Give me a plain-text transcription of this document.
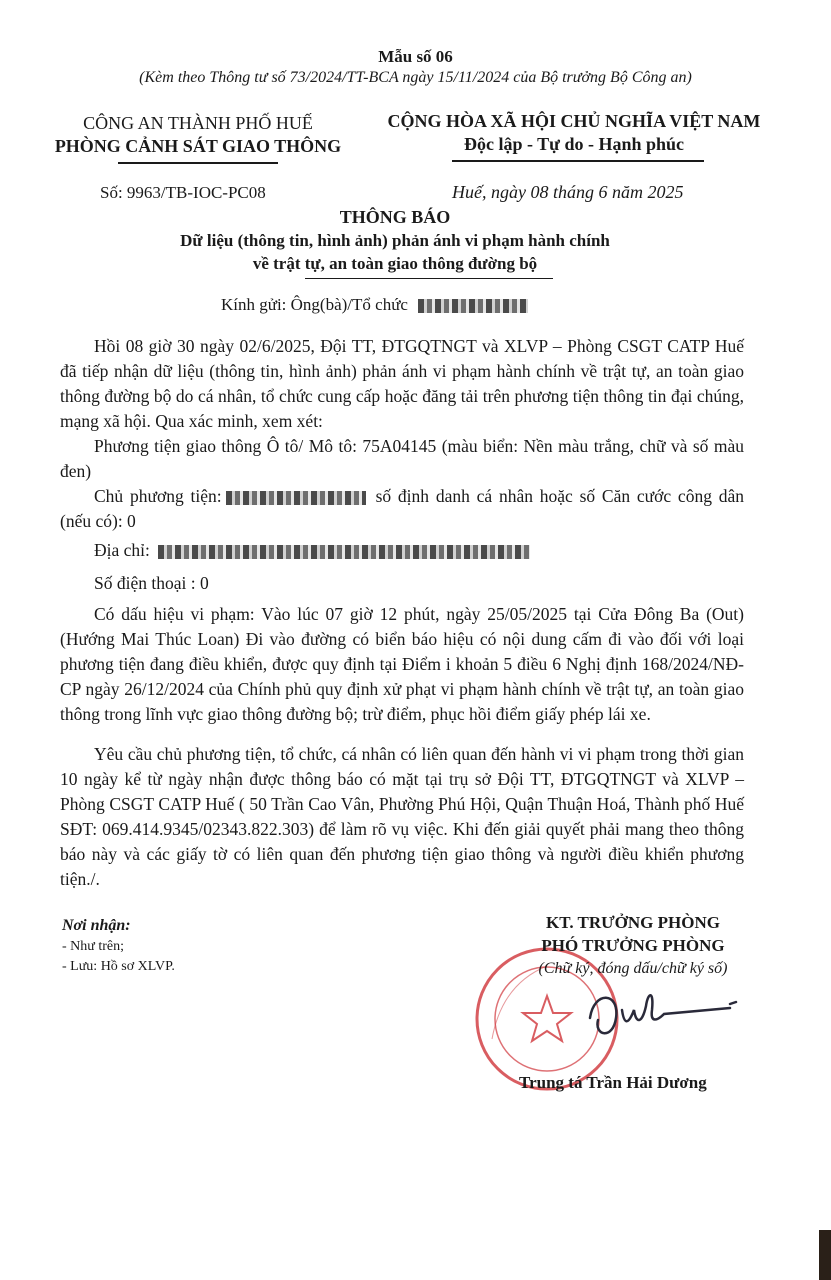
Mẫu số 06
(Kèm theo Thông tư số 73/2024/TT-BCA ngày 15/11/2024 của Bộ trưởng Bộ Công an)
CÔNG AN THÀNH PHỐ HUẾ
PHÒNG CẢNH SÁT GIAO THÔNG
CỘNG HÒA XÃ HỘI CHỦ NGHĨA VIỆT NAM
Độc lập - Tự do - Hạnh phúc
Số: 9963/TB-IOC-PC08	Huế, ngày 08 tháng 6 năm 2025
THÔNG BÁO
Dữ liệu (thông tin, hình ảnh) phản ánh vi phạm hành chính
về trật tự, an toàn giao thông đường bộ
Kính gửi: Ông(bà)/Tổ chức
Hồi 08 giờ 30 ngày 02/6/2025, Đội TT, ĐTGQTNGT và XLVP – Phòng CSGT CATP Huế đã tiếp nhận dữ liệu (thông tin, hình ảnh) phản ánh vi phạm hành chính về trật tự, an toàn giao thông đường bộ do cá nhân, tổ chức cung cấp hoặc đăng tải trên phương tiện thông tin đại chúng, mạng xã hội. Qua xác minh, xem xét:
Phương tiện giao thông Ô tô/ Mô tô: 75A04145 (màu biển: Nền màu trắng, chữ và số màu đen)
Chủ phương tiện:	số định danh cá nhân hoặc số Căn cước công dân (nếu có): 0
Địa chỉ:
Số điện thoại : 0
Có dấu hiệu vi phạm: Vào lúc 07 giờ 12 phút, ngày 25/05/2025 tại Cửa Đông Ba (Out) (Hướng Mai Thúc Loan) Đi vào đường có biển báo hiệu có nội dung cấm đi vào đối với loại phương tiện đang điều khiển, được quy định tại Điểm i khoản 5 điều 6 Nghị định 168/2024/NĐ-CP ngày 26/12/2024 của Chính phủ quy định xử phạt vi phạm hành chính về trật tự, an toàn giao thông trong lĩnh vực giao thông đường bộ; trừ điểm, phục hồi điểm giấy phép lái xe.
Yêu cầu chủ phương tiện, tổ chức, cá nhân có liên quan đến hành vi vi phạm trong thời gian 10 ngày kể từ ngày nhận được thông báo có mặt tại trụ sở Đội TT, ĐTGQTNGT và XLVP – Phòng CSGT CATP Huế ( 50 Trần Cao Vân, Phường Phú Hội, Quận Thuận Hoá, Thành phố Huế SĐT: 069.414.9345/02343.822.303) để làm rõ vụ việc. Khi đến giải quyết phải mang theo thông báo này và các giấy tờ có liên quan đến phương tiện giao thông và người điều khiển phương tiện./.
Nơi nhận:
- Như trên;
- Lưu: Hồ sơ XLVP.
KT. TRƯỞNG PHÒNG
PHÓ TRƯỞNG PHÒNG
(Chữ ký, đóng dấu/chữ ký số)
Trung tá Trần Hải Dương
